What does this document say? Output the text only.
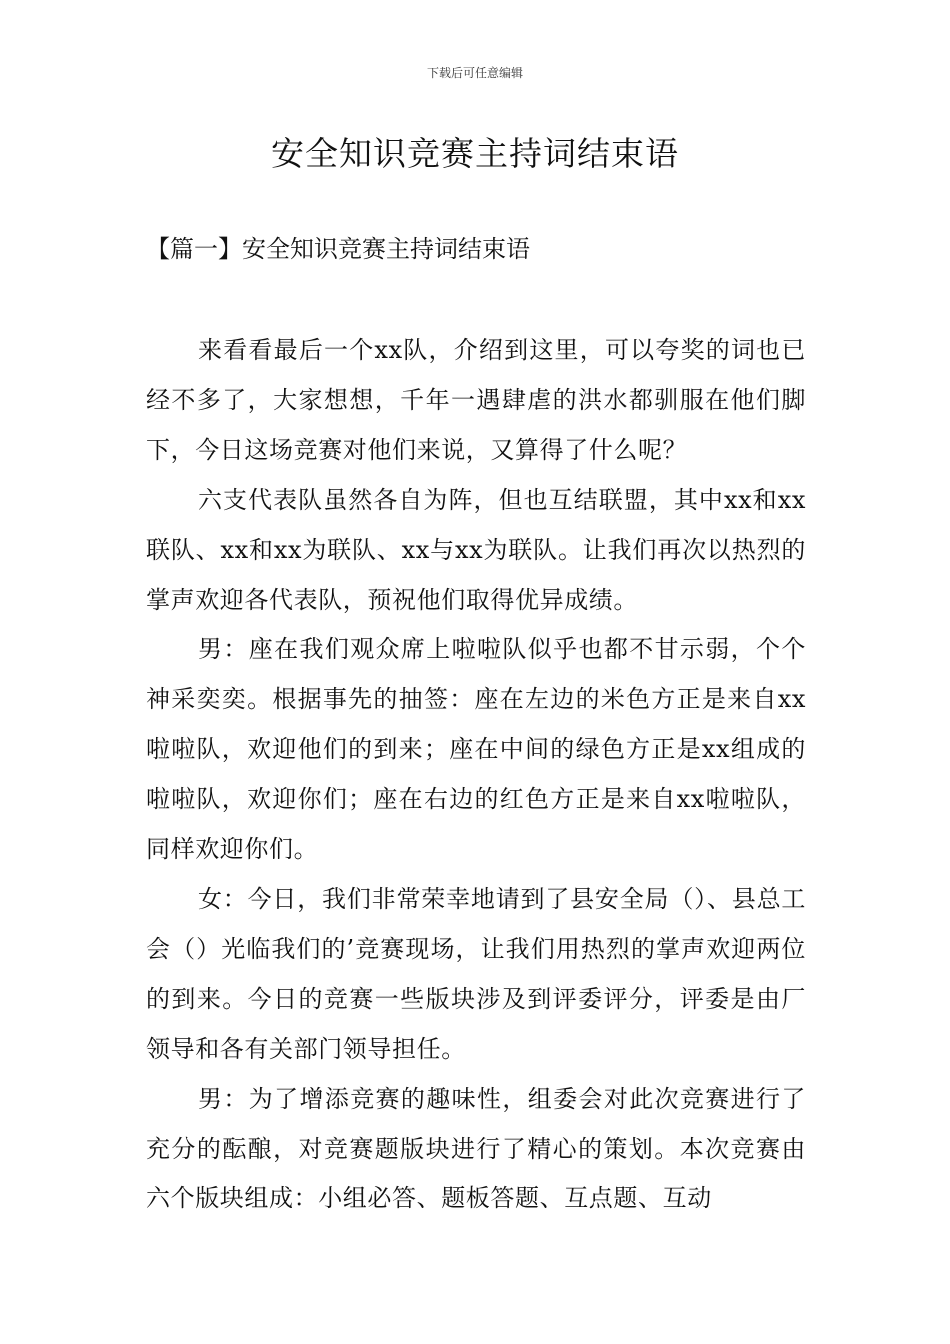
下载后可任意编辑
安全知识竞赛主持词结束语
【篇一】安全知识竞赛主持词结束语

来看看最后一个xx队，介绍到这里，可以夸奖的词也已经不多了，大家想想，千年一遇肆虐的洪水都驯服在他们脚下，今日这场竞赛对他们来说，又算得了什么呢？

六支代表队虽然各自为阵，但也互结联盟，其中xx和xx联队、xx和xx为联队、xx与xx为联队。让我们再次以热烈的掌声欢迎各代表队，预祝他们取得优异成绩。

男：座在我们观众席上啦啦队似乎也都不甘示弱，个个神采奕奕。根据事先的抽签：座在左边的米色方正是来自xx啦啦队，欢迎他们的到来；座在中间的绿色方正是xx组成的啦啦队，欢迎你们；座在右边的红色方正是来自xx啦啦队，同样欢迎你们。

女：今日，我们非常荣幸地请到了县安全局（）、县总工会（）光临我们的’竞赛现场，让我们用热烈的掌声欢迎两位的到来。今日的竞赛一些版块涉及到评委评分，评委是由厂领导和各有关部门领导担任。

男：为了增添竞赛的趣味性，组委会对此次竞赛进行了充分的酝酿，对竞赛题版块进行了精心的策划。本次竞赛由六个版块组成：小组必答、题板答题、互点题、互动
